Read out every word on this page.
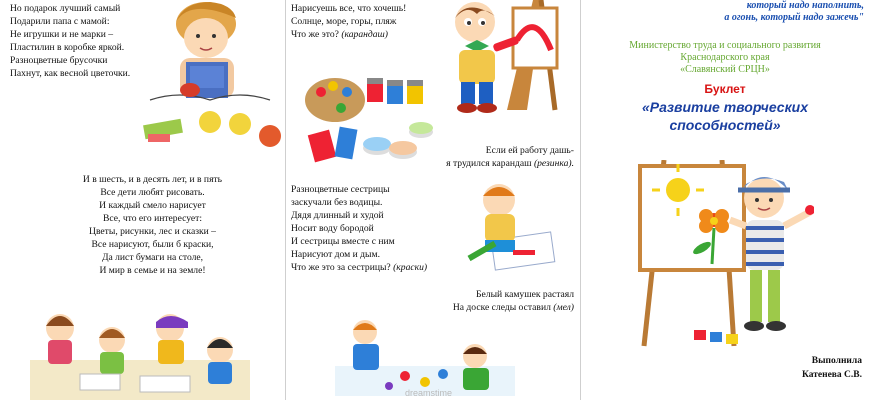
Но подарок лучший самый
Подарили папа с мамой:
Не игрушки и не марки –
Пластилин в коробке яркой.
Разноцветные брусочки
Пахнут, как весной цветочки.
И в шесть, и в десять лет, и в пять
Все дети любят рисовать.
И каждый смело нарисует
Все, что его интересует:
Цветы, рисунки, лес и сказки –
Все нарисуют, были б краски,
Да лист бумаги на столе,
И мир в семье и на земле!
Нарисуешь все, что хочешь!
Солнце, море, горы, пляж
Что же это? (карандаш)
Если ей работу дашь-
я трудился карандаш (резинка).
Разноцветные сестрицы
заскучали без водицы.
Дядя длинный и худой
Носит воду бородой
И сестрицы вместе с ним
Нарисуют дом и дым.
Что же это за сестрицы? (краски)
Белый камушек растаял
На доске следы оставил (мел)
dreamstime
который надо наполнить,
а огонь, который надо зажечь"
Министерство труда и социального развития
Краснодарского края
«Славянский СРЦН»
Буклет
«Развитие творческих
способностей»
Выполнила
Катенева С.В.
